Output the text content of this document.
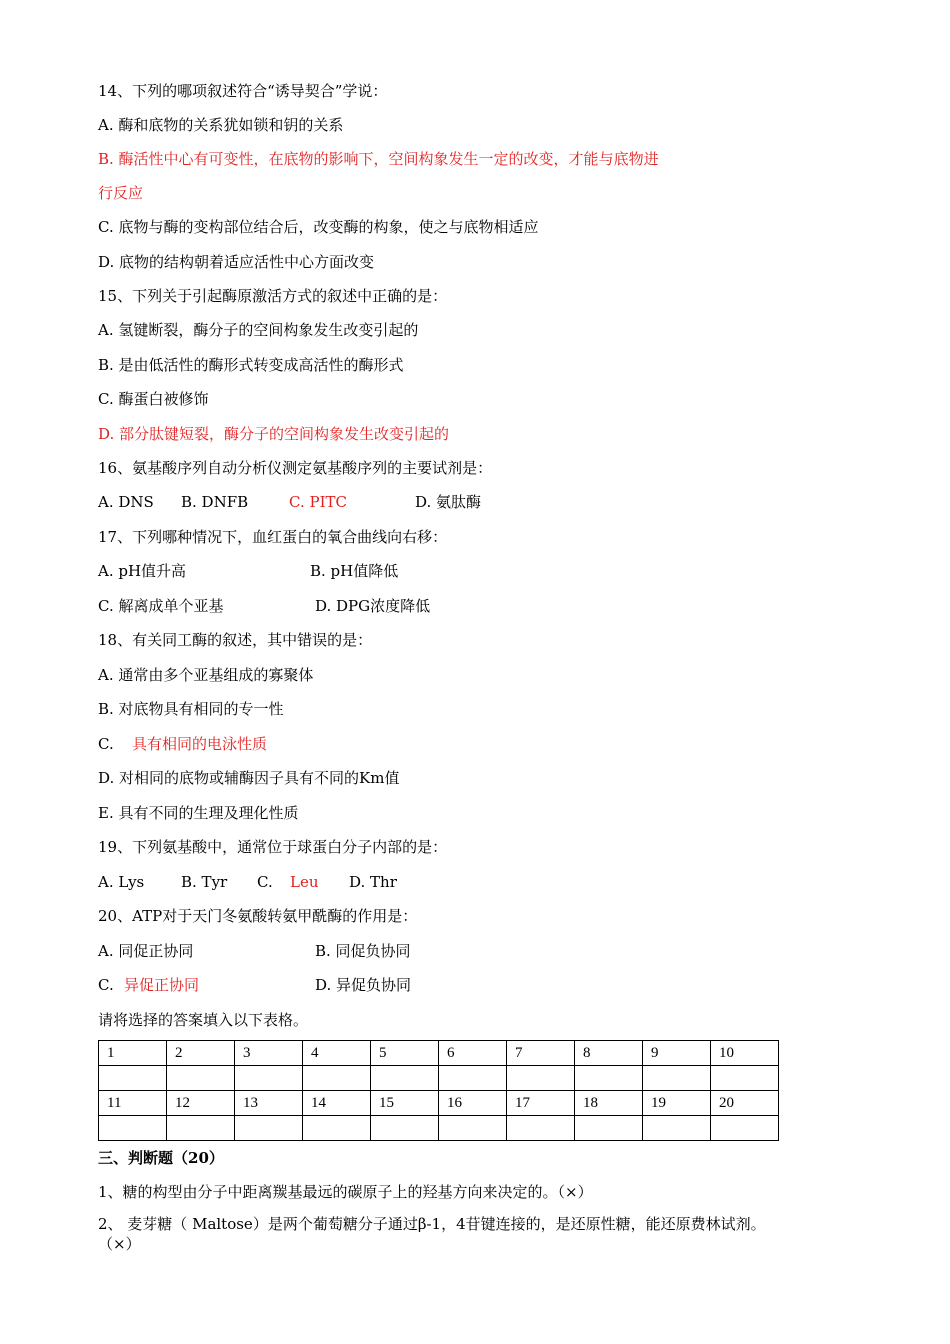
14、下列的哪项叙述符合“诱导契合”学说：
A. 酶和底物的关系犹如锁和钥的关系
B. 酶活性中心有可变性，在底物的影响下，空间构象发生一定的改变，才能与底物进
行反应
C. 底物与酶的变构部位结合后，改变酶的构象，使之与底物相适应
D. 底物的结构朝着适应活性中心方面改变
15、下列关于引起酶原激活方式的叙述中正确的是：
A. 氢键断裂，酶分子的空间构象发生改变引起的
B. 是由低活性的酶形式转变成高活性的酶形式
C. 酶蛋白被修饰
D. 部分肽键短裂，酶分子的空间构象发生改变引起的
16、氨基酸序列自动分析仪测定氨基酸序列的主要试剂是：
A. DNS B. DNFB	C. PITC	D. 氨肽酶
17、下列哪种情况下，血红蛋白的氧合曲线向右移：
A. pH值升高	B. pH值降低
C. 解离成单个亚基	D. DPG浓度降低
18、有关同工酶的叙述，其中错误的是：
A. 通常由多个亚基组成的寡聚体
B. 对底物具有相同的专一性
C. 具有相同的电泳性质
D. 对相同的底物或辅酶因子具有不同的Km值
E. 具有不同的生理及理化性质
19、下列氨基酸中，通常位于球蛋白分子内部的是：
A. Lys B. Tyr C. Leu D. Thr
20、ATP对于天门冬氨酸转氨甲酰酶的作用是：
A. 同促正协同	B. 同促负协同
C. 异促正协同	D. 异促负协同
请将选择的答案填入以下表格。
1	2	3	4	5	6	7	8	9	10

11	12	13	14	15	16	17	18	19	20

三、判断题（20）
1、糖的构型由分子中距离羰基最远的碳原子上的羟基方向来决定的。（×）
2、 麦芽糖（ Maltose）是两个葡萄糖分子通过β-1，4苷键连接的，是还原性糖，能还原费林试剂。
（×）
